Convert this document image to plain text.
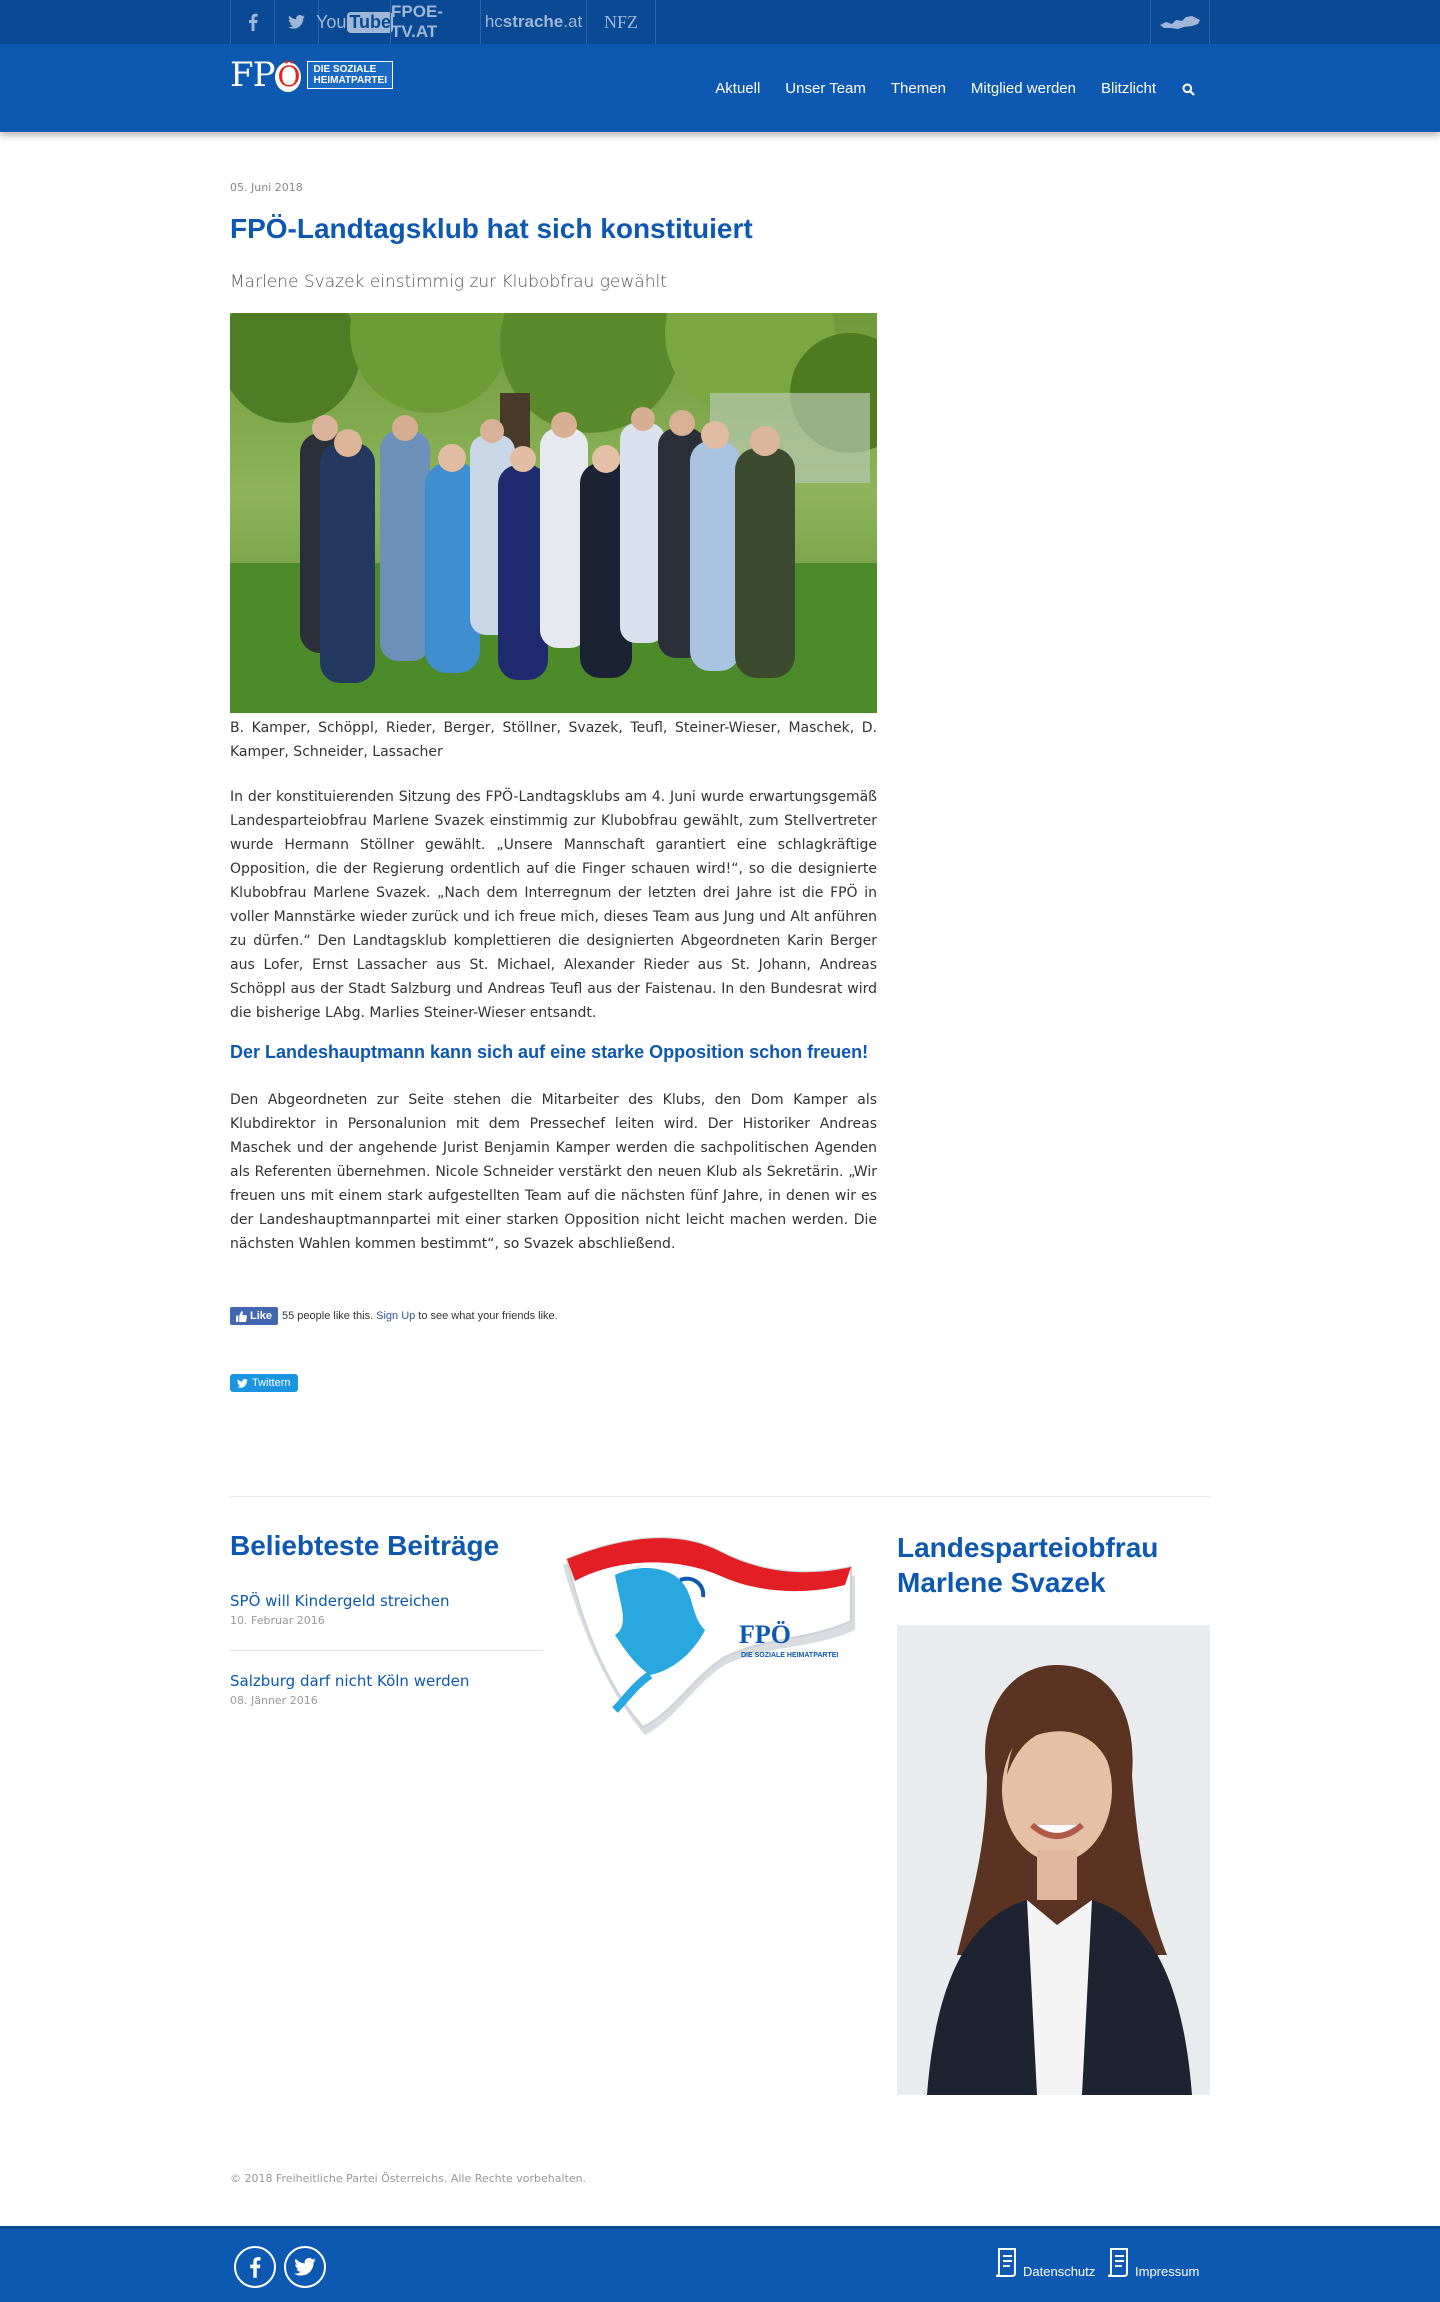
You Tube FPOE-TV.AT
hc strache .at	NFZ
FP Ö	DIE SOZIALE
HEIMATPARTEI	Aktuell Unser Team Themen Mitglied werden Blitzlicht
05. Juni 2018
FPÖ-Landtagsklub hat sich konstituiert
Marlene Svazek einstimmig zur Klubobfrau gewählt

B. Kamper, Schöppl, Rieder, Berger, Stöllner, Svazek, Teufl, Steiner-Wieser, Maschek, D. Kamper, Schneider, Lassacher

In der konstituierenden Sitzung des FPÖ-Landtagsklubs am 4. Juni wurde erwartungsgemäß Landesparteiobfrau Marlene Svazek einstimmig zur Klubobfrau gewählt, zum Stellvertreter wurde Hermann Stöllner gewählt. „Unsere Mannschaft garantiert eine schlagkräftige Opposition, die der Regierung ordentlich auf die Finger schauen wird!“, so die designierte Klubobfrau Marlene Svazek. „Nach dem Interregnum der letzten drei Jahre ist die FPÖ in voller Mannstärke wieder zurück und ich freue mich, dieses Team aus Jung und Alt anführen zu dürfen.“ Den Landtagsklub komplettieren die designierten Abgeordneten Karin Berger aus Lofer, Ernst Lassacher aus St. Michael, Alexander Rieder aus St. Johann, Andreas Schöppl aus der Stadt Salzburg und Andreas Teufl aus der Faistenau. In den Bundesrat wird die bisherige LAbg. Marlies Steiner-Wieser entsandt.

Der Landeshauptmann kann sich auf eine starke Opposition schon freuen!

Den Abgeordneten zur Seite stehen die Mitarbeiter des Klubs, den Dom Kamper als Klubdirektor in Personalunion mit dem Pressechef leiten wird. Der Historiker Andreas Maschek und der angehende Jurist Benjamin Kamper werden die sachpolitischen Agenden als Referenten übernehmen. Nicole Schneider verstärkt den neuen Klub als Sekretärin. „Wir freuen uns mit einem stark aufgestellten Team auf die nächsten fünf Jahre, in denen wir es der Landeshauptmannpartei mit einer starken Opposition nicht leicht machen werden. Die nächsten Wahlen kommen bestimmt“, so Svazek abschließend.

Like 55 people like this. Sign Up to see what your friends like.
Twittern
Beliebteste Beiträge
SPÖ will Kindergeld streichen
10. Februar 2016
Salzburg darf nicht Köln werden
08. Jänner 2016
FPÖ
DIE SOZIALE HEIMATPARTEI
Landesparteiobfrau Marlene Svazek
© 2018 Freiheitliche Partei Österreichs. Alle Rechte vorbehalten.
Datenschutz	Impressum
